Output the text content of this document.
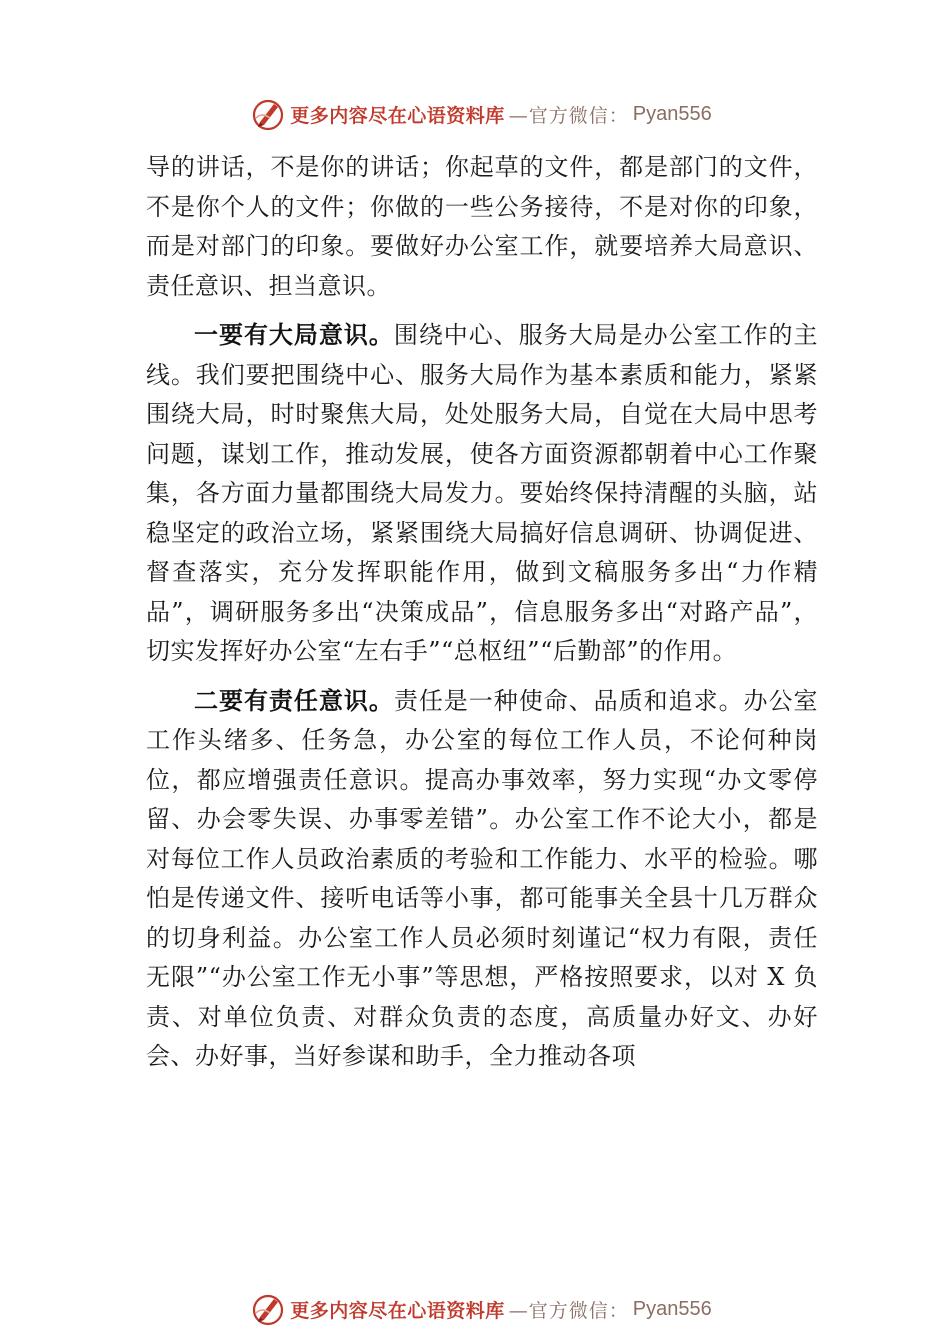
更多内容尽在心语资料库 —官方微信： Pyan556

导的讲话，不是你的讲话；你起草的文件，都是部门的文件，不是你个人的文件；你做的一些公务接待，不是对你的印象，而是对部门的印象。要做好办公室工作，就要培养大局意识、责任意识、担当意识。

一要有大局意识。围绕中心、服务大局是办公室工作的主线。我们要把围绕中心、服务大局作为基本素质和能力，紧紧围绕大局，时时聚焦大局，处处服务大局，自觉在大局中思考问题，谋划工作，推动发展，使各方面资源都朝着中心工作聚集，各方面力量都围绕大局发力。要始终保持清醒的头脑，站稳坚定的政治立场，紧紧围绕大局搞好信息调研、协调促进、督查落实，充分发挥职能作用，做到文稿服务多出“力作精品”，调研服务多出“决策成品”，信息服务多出“对路产品”，切实发挥好办公室“左右手”“总枢纽”“后勤部”的作用。

二要有责任意识。责任是一种使命、品质和追求。办公室工作头绪多、任务急，办公室的每位工作人员，不论何种岗位，都应增强责任意识。提高办事效率，努力实现“办文零停留、办会零失误、办事零差错”。办公室工作不论大小，都是对每位工作人员政治素质的考验和工作能力、水平的检验。哪怕是传递文件、接听电话等小事，都可能事关全县十几万群众的切身利益。办公室工作人员必须时刻谨记“权力有限，责任无限”“办公室工作无小事”等思想，严格按照要求，以对 X 负责、对单位负责、对群众负责的态度，高质量办好文、办好会、办好事，当好参谋和助手，全力推动各项

更多内容尽在心语资料库 —官方微信： Pyan556
